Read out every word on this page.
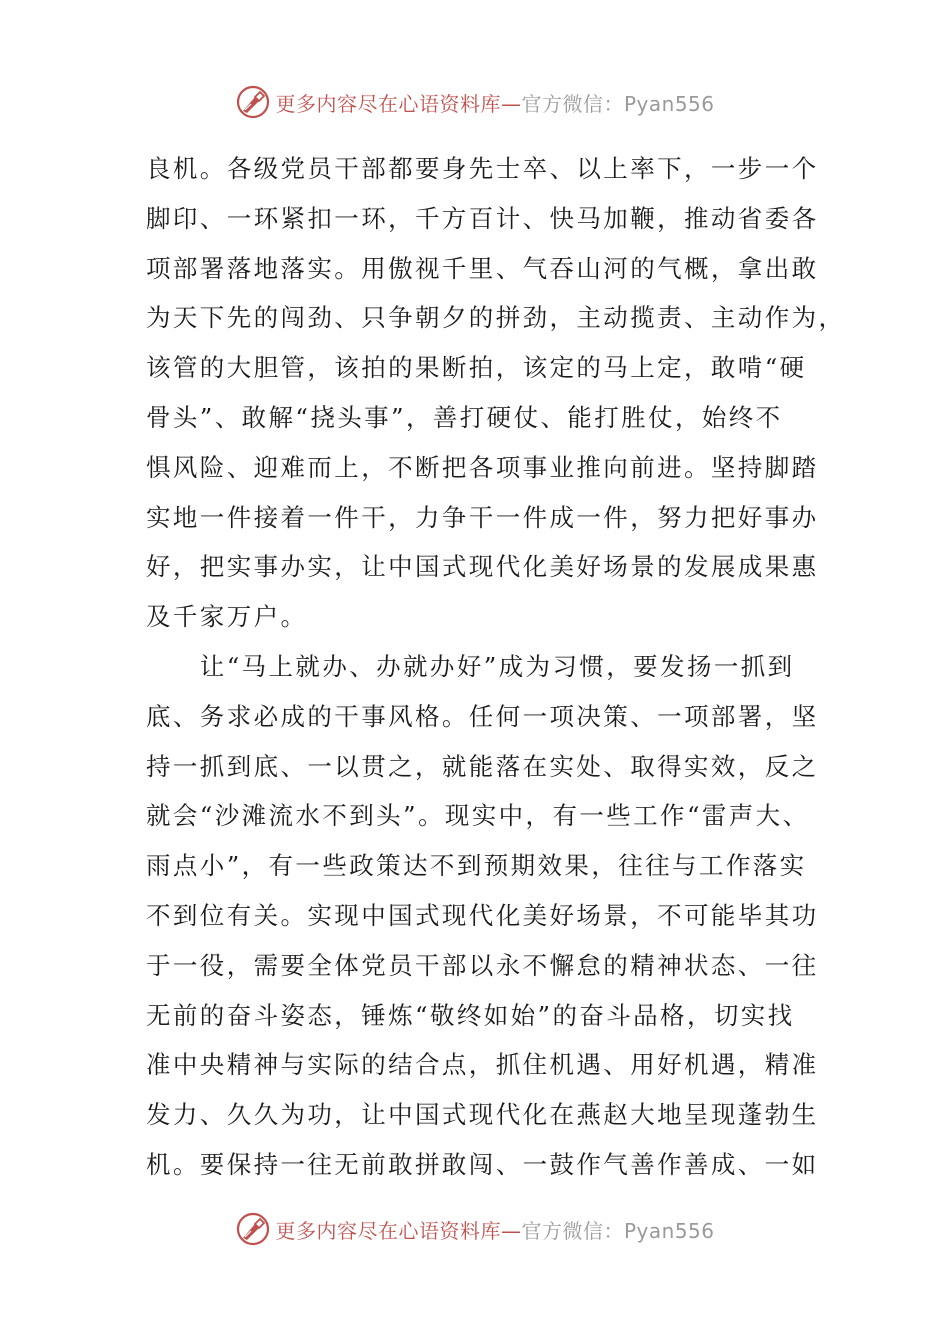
更多内容尽在心语资料库—官方微信：Pyan556
良机。各级党员干部都要身先士卒、以上率下，一步一个
脚印、一环紧扣一环，千方百计、快马加鞭，推动省委各
项部署落地落实。用傲视千里、气吞山河的气概，拿出敢
为天下先的闯劲、只争朝夕的拼劲，主动揽责、主动作为，
该管的大胆管，该拍的果断拍，该定的马上定，敢啃“硬
骨头”、敢解“挠头事”，善打硬仗、能打胜仗，始终不
惧风险、迎难而上，不断把各项事业推向前进。坚持脚踏
实地一件接着一件干，力争干一件成一件，努力把好事办
好，把实事办实，让中国式现代化美好场景的发展成果惠
及千家万户。
　　让“马上就办、办就办好”成为习惯，要发扬一抓到
底、务求必成的干事风格。任何一项决策、一项部署，坚
持一抓到底、一以贯之，就能落在实处、取得实效，反之
就会“沙滩流水不到头”。现实中，有一些工作“雷声大、
雨点小”，有一些政策达不到预期效果，往往与工作落实
不到位有关。实现中国式现代化美好场景，不可能毕其功
于一役，需要全体党员干部以永不懈怠的精神状态、一往
无前的奋斗姿态，锤炼“敬终如始”的奋斗品格，切实找
准中央精神与实际的结合点，抓住机遇、用好机遇，精准
发力、久久为功，让中国式现代化在燕赵大地呈现蓬勃生
机。要保持一往无前敢拼敢闯、一鼓作气善作善成、一如
更多内容尽在心语资料库—官方微信：Pyan556
